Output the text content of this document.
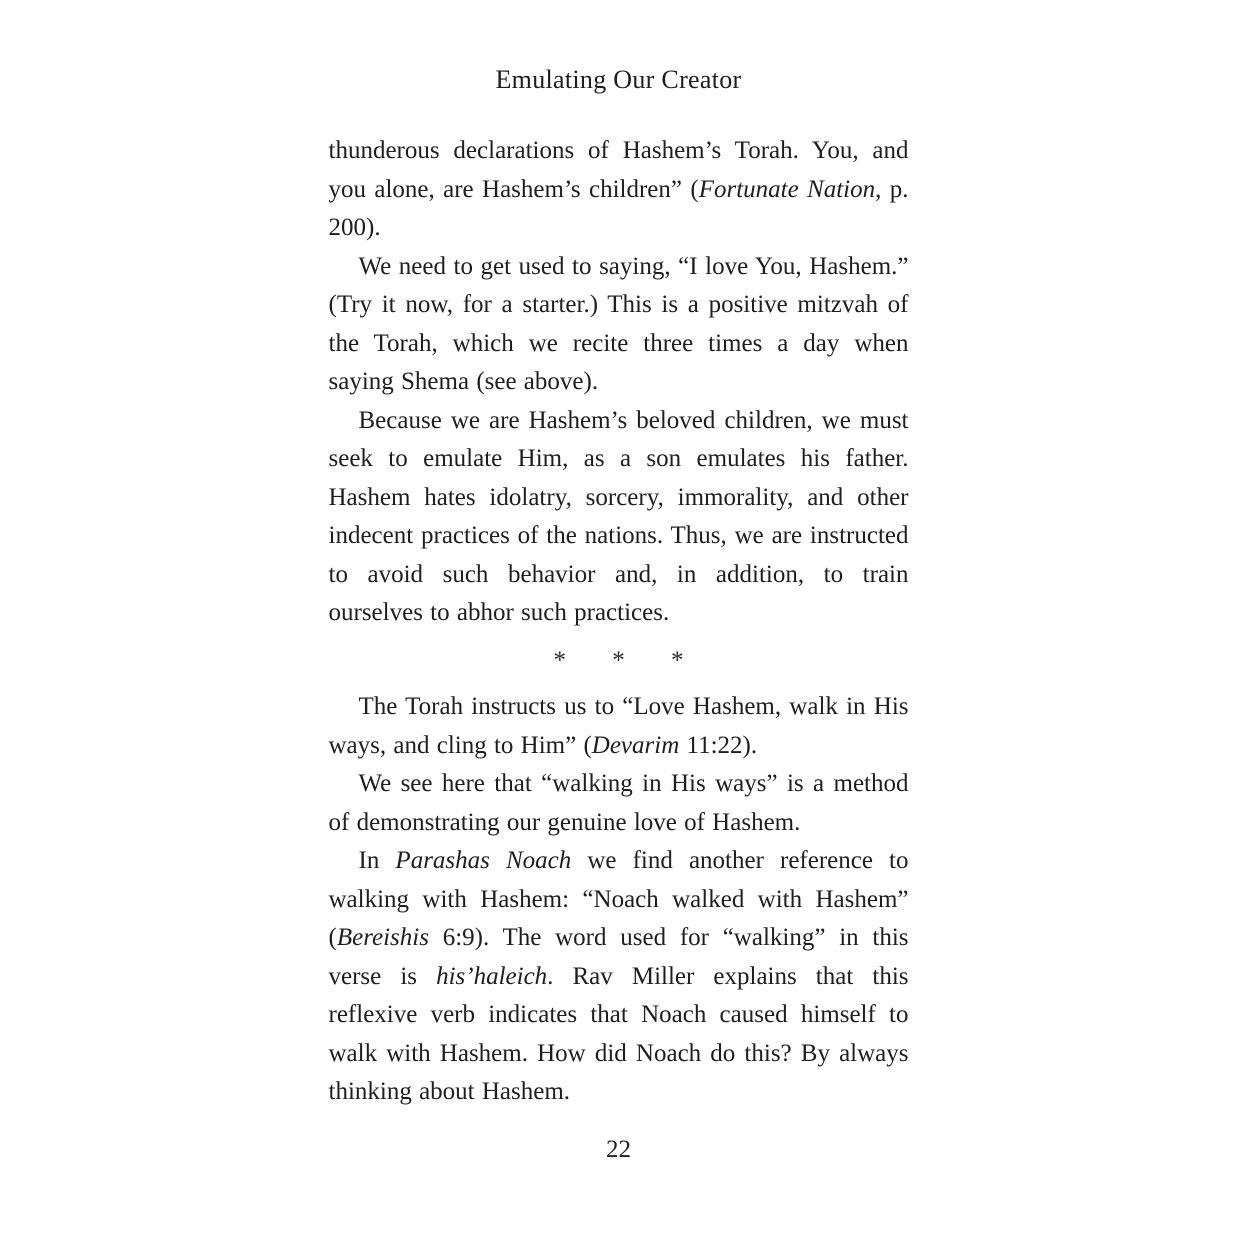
Emulating Our Creator

thunderous declarations of Hashem’s Torah. You, and you alone, are Hashem’s children” (Fortunate Nation, p. 200).

We need to get used to saying, “I love You, Hashem.” (Try it now, for a starter.) This is a positive mitzvah of the Torah, which we recite three times a day when saying Shema (see above).

Because we are Hashem’s beloved children, we must seek to emulate Him, as a son emulates his father. Hashem hates idolatry, sorcery, immorality, and other indecent practices of the nations. Thus, we are instructed to avoid such behavior and, in addition, to train ourselves to abhor such practices.

* * *

The Torah instructs us to “Love Hashem, walk in His ways, and cling to Him” (Devarim 11:22).

We see here that “walking in His ways” is a method of demonstrating our genuine love of Hashem.

In Parashas Noach we find another reference to walking with Hashem: “Noach walked with Hashem” (Bereishis 6:9). The word used for “walking” in this verse is his’haleich. Rav Miller explains that this reflexive verb indicates that Noach caused himself to walk with Hashem. How did Noach do this? By always thinking about Hashem.

22
